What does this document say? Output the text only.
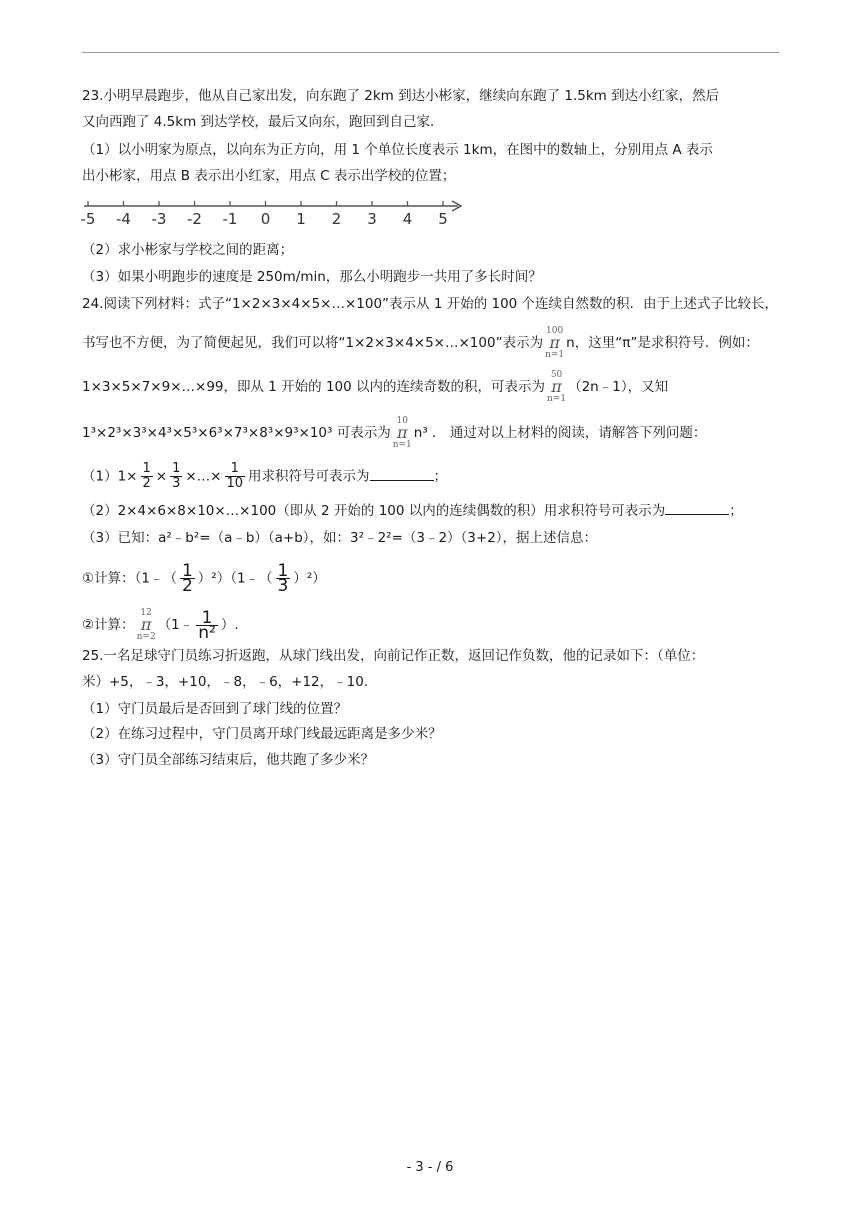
23.小明早晨跑步，他从自己家出发，向东跑了 2km 到达小彬家，继续向东跑了 1.5km 到达小红家，然后
又向西跑了 4.5km 到达学校，最后又向东，跑回到自己家.
（1）以小明家为原点，以向东为正方向，用 1 个单位长度表示 1km，在图中的数轴上，分别用点 A 表示
出小彬家，用点 B 表示出小红家，用点 C 表示出学校的位置；
-5 -4 -3 -2 -1 0 1 2 3 4 5
（2）求小彬家与学校之间的距离；
（3）如果小明跑步的速度是 250m/min，那么小明跑步一共用了多长时间？
24.阅读下列材料：式子“1×2×3×4×5×…×100”表示从 1 开始的 100 个连续自然数的积．由于上述式子比较长，
书写也不方便，为了简便起见，我们可以将“1×2×3×4×5×…×100”表示为
100
π
n=1
n，这里“π”是求积符号．例如：
1×3×5×7×9×…×99，即从 1 开始的 100 以内的连续奇数的积，可表示为
50
π
n=1
（2n﹣1），又知
1³×2³×3³×4³×5³×6³×7³×8³×9³×10³ 可表示为
10
π
n=1
n³ ． 通过对以上材料的阅读，请解答下列问题：
$(1)1\times \frac{1}{2} \times \frac{1}{3}$ ×…× $\frac{1}{10}$ 用求积符号可表示为	；
（2）2×4×6×8×10×…×100（即从 2 开始的 100 以内的连续偶数的积）用求积符号可表示为	；
（3）已知：a²﹣b²=（a﹣b）（a+b），如：3²﹣2²=（3﹣2）（3+2），据上述信息：
①计算：（1﹣（ $\frac{1}{2}$ ）²）（1﹣（ $\frac{1}{3} )^2$）
②计算：
12
π
n=2
（1﹣ $\frac{1}{\text{n²}}$ ）.
25.一名足球守门员练习折返跑，从球门线出发，向前记作正数，返回记作负数，他的记录如下：（单位：
米）+5，﹣3，+10，﹣8，﹣6，+12，﹣10.
（1）守门员最后是否回到了球门线的位置？
（2）在练习过程中，守门员离开球门线最远距离是多少米？
（3）守门员全部练习结束后，他共跑了多少米？
- 3 - / 6
